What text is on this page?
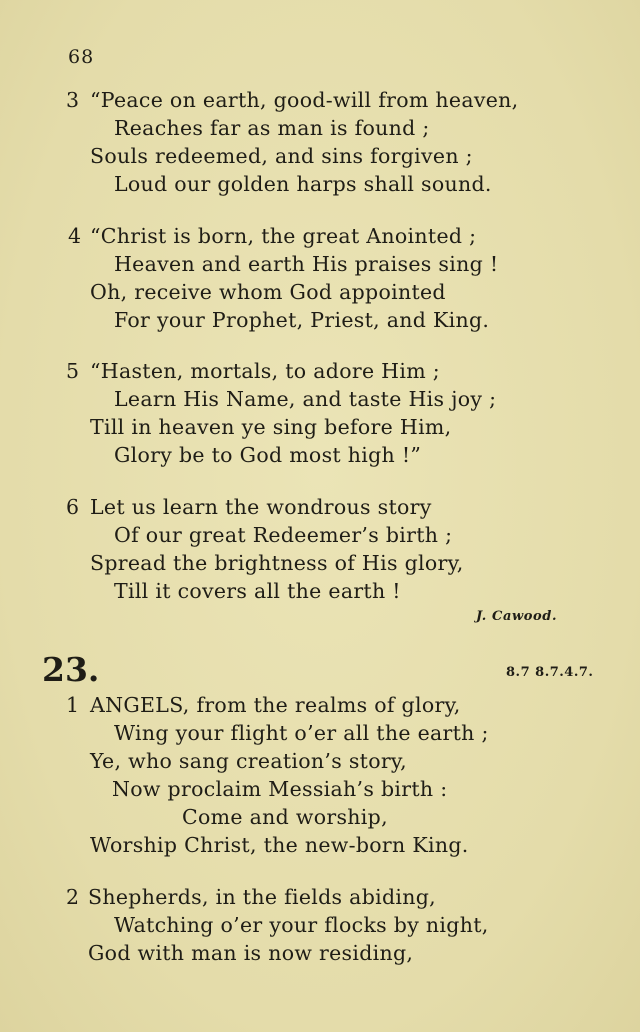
68
3 “Peace on earth, good-will from heaven,
Reaches far as man is found ;
Souls redeemed, and sins forgiven ;
Loud our golden harps shall sound.
4 “Christ is born, the great Anointed ;
Heaven and earth His praises sing !
Oh, receive whom God appointed
For your Prophet, Priest, and King.
5 “Hasten, mortals, to adore Him ;
Learn His Name, and taste His joy ;
Till in heaven ye sing before Him,
Glory be to God most high !”
6 Let us learn the wondrous story
Of our great Redeemer’s birth ;
Spread the brightness of His glory,
Till it covers all the earth !
J. Cawood.
23.	8.7 8.7.4.7.
1 ANGELS, from the realms of glory,
Wing your flight o’er all the earth ;
Ye, who sang creation’s story,
Now proclaim Messiah’s birth :
Come and worship,
Worship Christ, the new-born King.
2 Shepherds, in the fields abiding,
Watching o’er your flocks by night,
God with man is now residing,
